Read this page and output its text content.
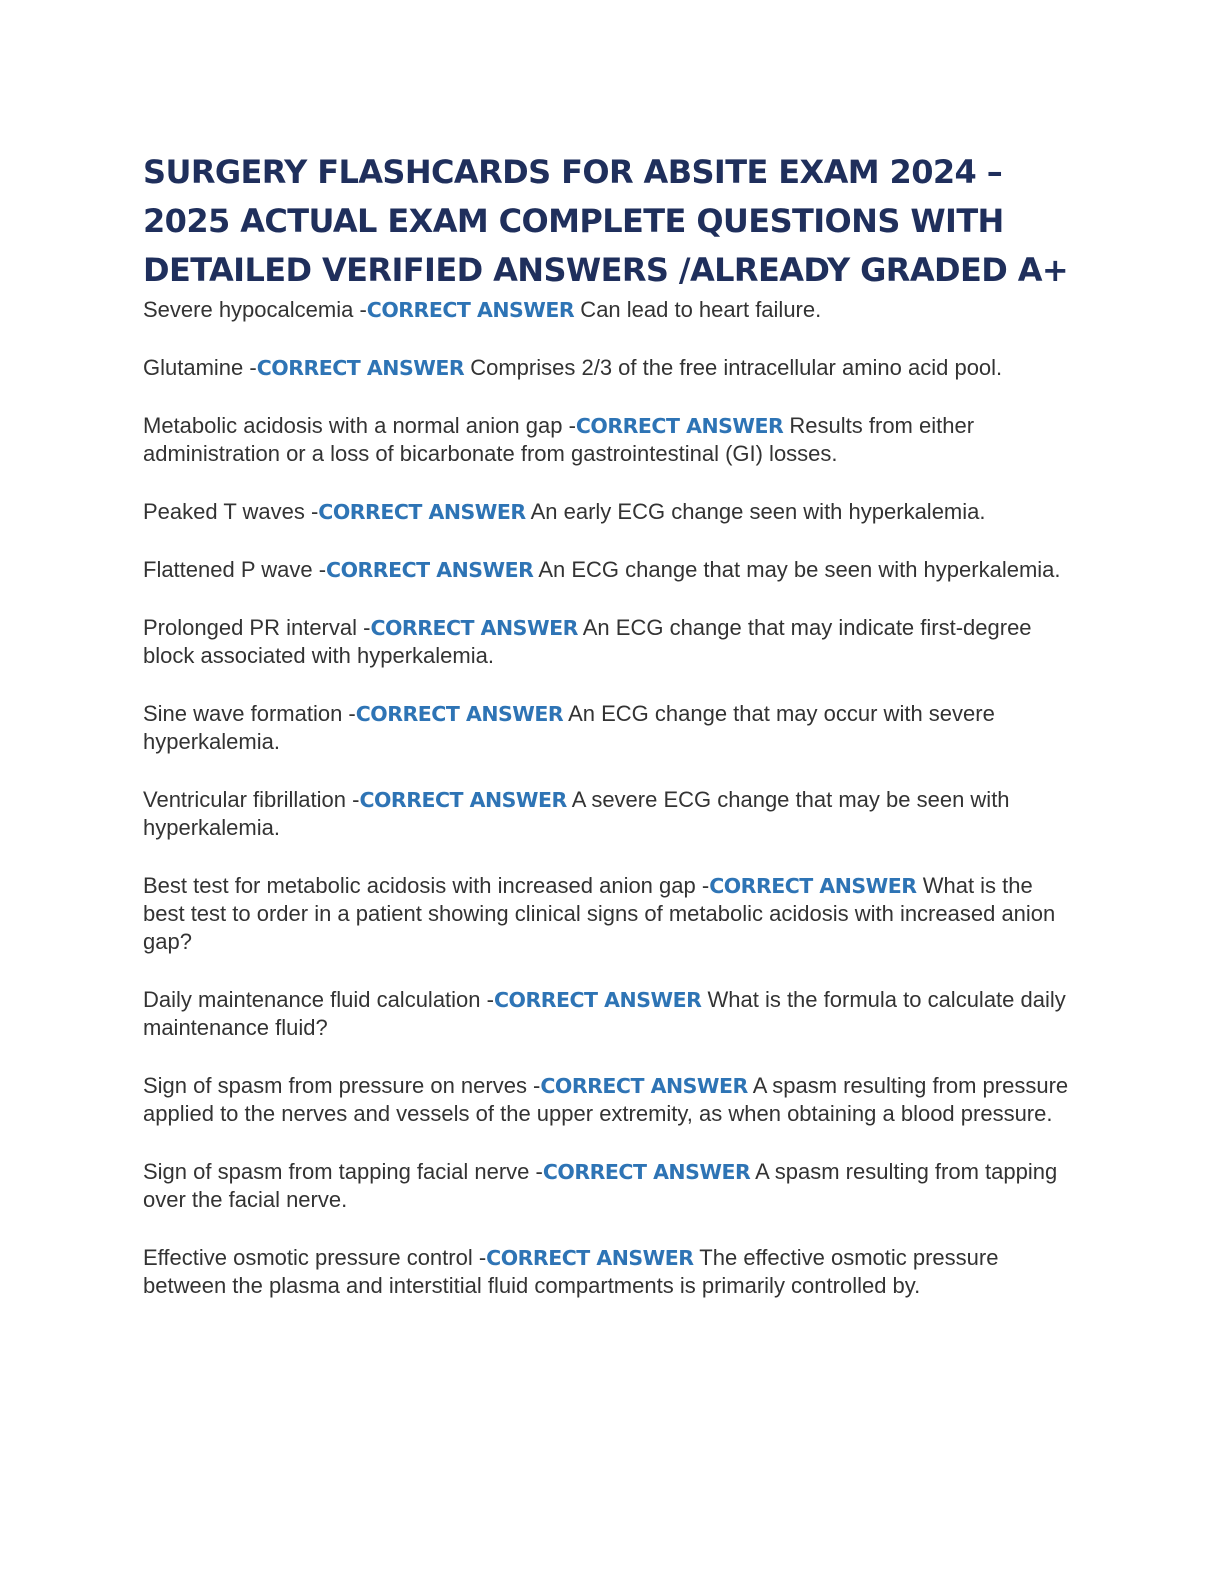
SURGERY FLASHCARDS FOR ABSITE EXAM 2024 – 2025 ACTUAL EXAM COMPLETE QUESTIONS WITH DETAILED VERIFIED ANSWERS /ALREADY GRADED A+

Severe hypocalcemia -CORRECT ANSWER Can lead to heart failure.

Glutamine -CORRECT ANSWER Comprises 2/3 of the free intracellular amino acid pool.

Metabolic acidosis with a normal anion gap -CORRECT ANSWER Results from either administration or a loss of bicarbonate from gastrointestinal (GI) losses.

Peaked T waves -CORRECT ANSWER An early ECG change seen with hyperkalemia.

Flattened P wave -CORRECT ANSWER An ECG change that may be seen with hyperkalemia.

Prolonged PR interval -CORRECT ANSWER An ECG change that may indicate first-degree block associated with hyperkalemia.

Sine wave formation -CORRECT ANSWER An ECG change that may occur with severe hyperkalemia.

Ventricular fibrillation -CORRECT ANSWER A severe ECG change that may be seen with hyperkalemia.

Best test for metabolic acidosis with increased anion gap -CORRECT ANSWER What is the best test to order in a patient showing clinical signs of metabolic acidosis with increased anion gap?

Daily maintenance fluid calculation -CORRECT ANSWER What is the formula to calculate daily maintenance fluid?

Sign of spasm from pressure on nerves -CORRECT ANSWER A spasm resulting from pressure applied to the nerves and vessels of the upper extremity, as when obtaining a blood pressure.

Sign of spasm from tapping facial nerve -CORRECT ANSWER A spasm resulting from tapping over the facial nerve.

Effective osmotic pressure control -CORRECT ANSWER The effective osmotic pressure between the plasma and interstitial fluid compartments is primarily controlled by.
